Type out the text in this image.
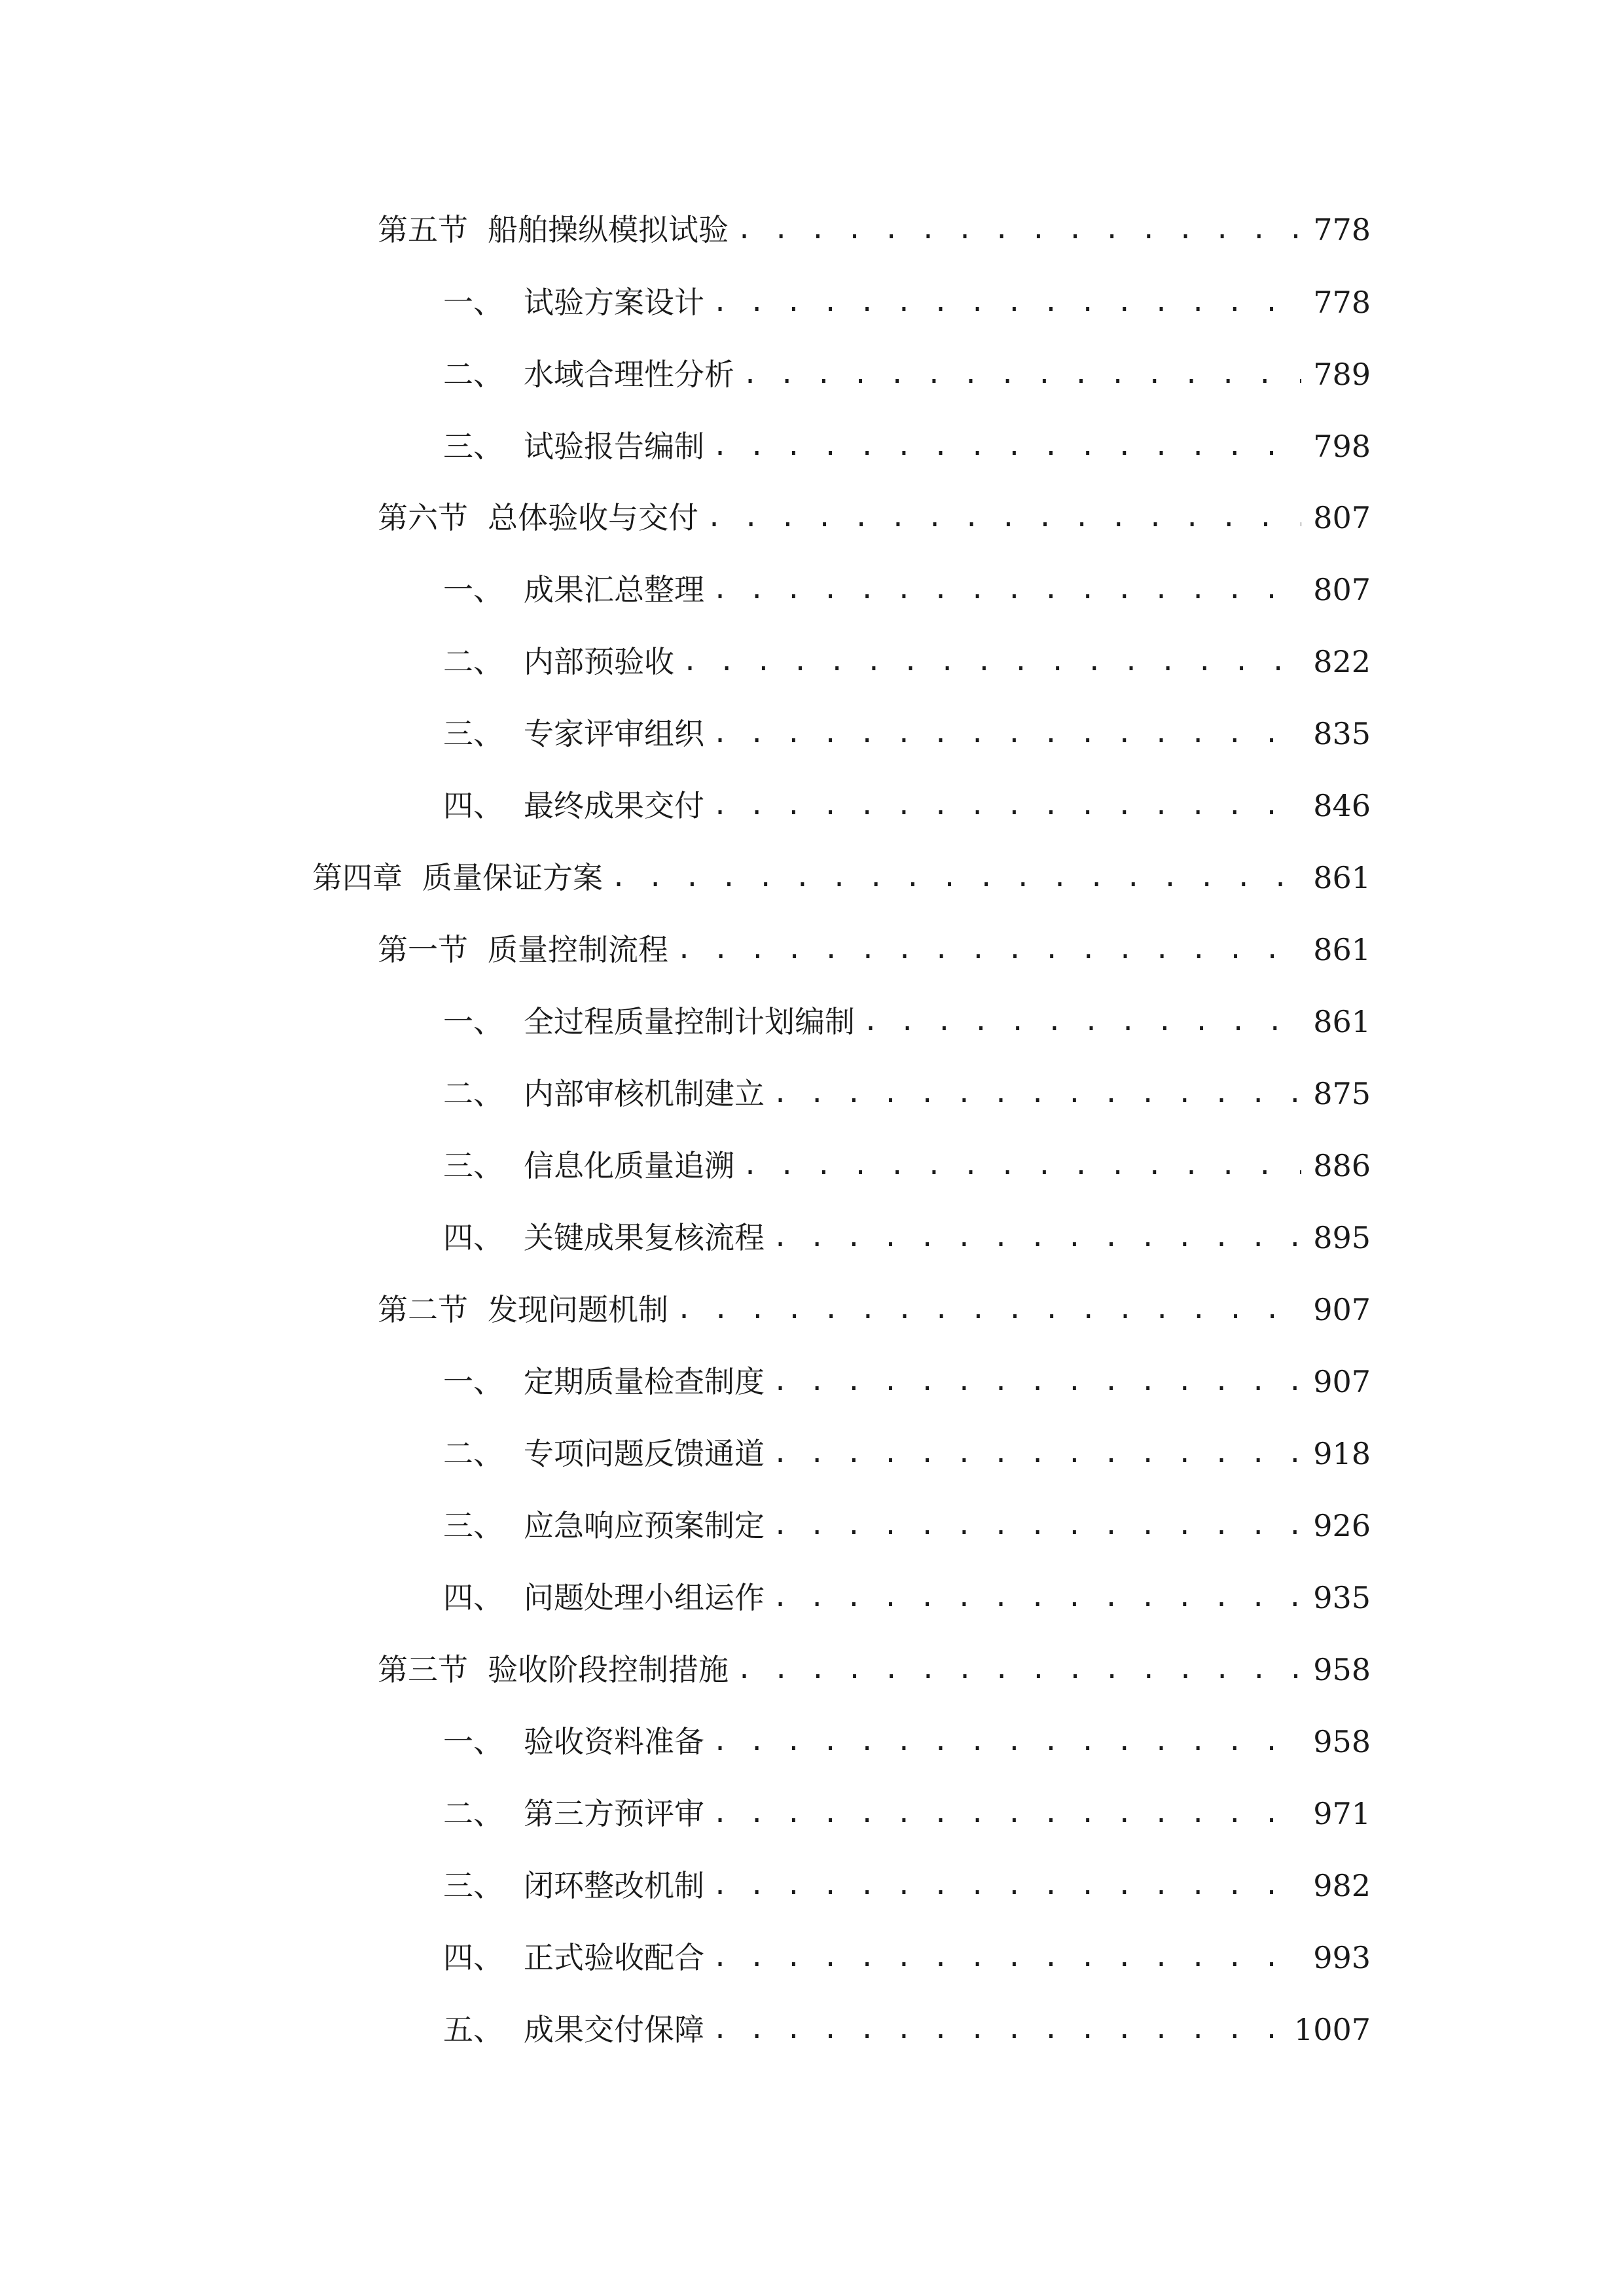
第五节 船舶操纵模拟试验 . . .	778
一、 试验方案设计 . . .	778
二、 水域合理性分析 . . .	789
三、 试验报告编制 . . .	798
第六节 总体验收与交付 . . .	807
一、 成果汇总整理 . . .	807
二、 内部预验收 . . .	822
三、 专家评审组织 . . .	835
四、 最终成果交付 . . .	846
第四章 质量保证方案 . . .	861
第一节 质量控制流程 . . .	861
一、 全过程质量控制计划编制 . . .	861
二、 内部审核机制建立 . . .	875
三、 信息化质量追溯 . . .	886
四、 关键成果复核流程 . . .	895
第二节 发现问题机制 . . .	907
一、 定期质量检查制度 . . .	907
二、 专项问题反馈通道 . . .	918
三、 应急响应预案制定 . . .	926
四、 问题处理小组运作 . . .	935
第三节 验收阶段控制措施 . . .	958
一、 验收资料准备 . . .	958
二、 第三方预评审 . . .	971
三、 闭环整改机制 . . .	982
四、 正式验收配合 . . .	993
五、 成果交付保障 . . .	1007
